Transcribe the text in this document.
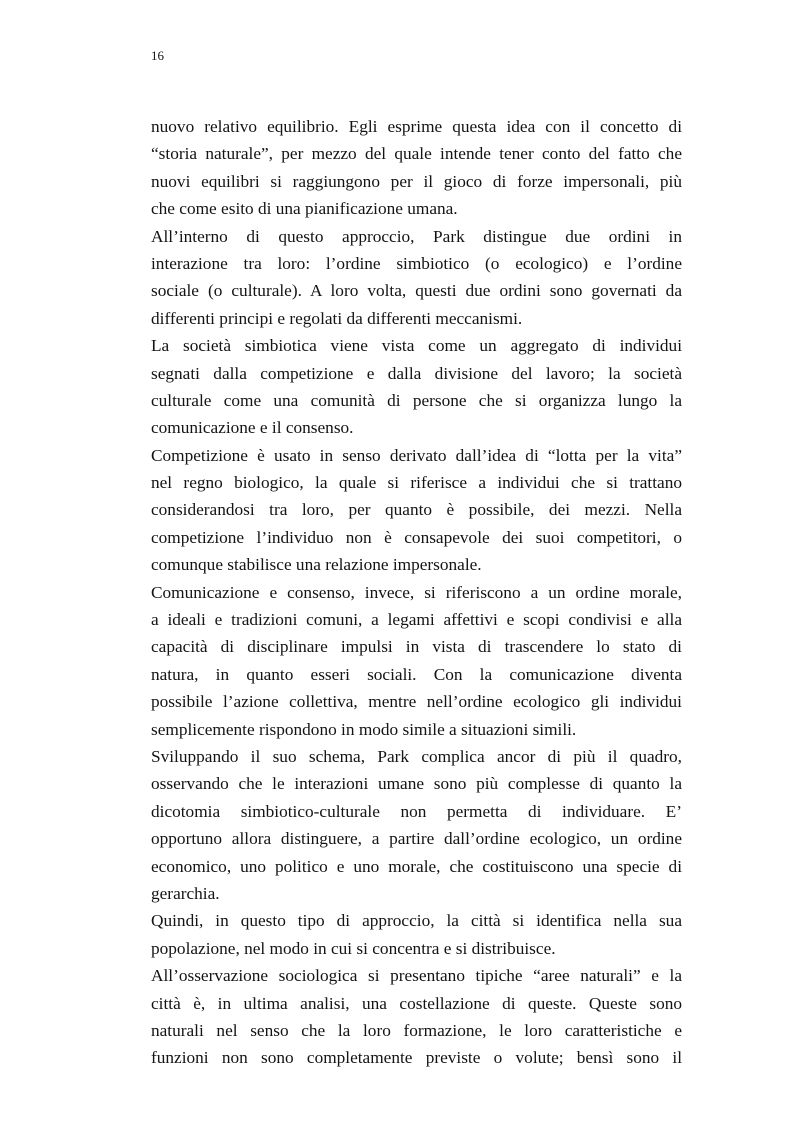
16
nuovo relativo equilibrio. Egli esprime questa idea con il concetto di
“storia naturale”, per mezzo del quale intende tener conto del fatto che
nuovi equilibri si raggiungono per il gioco di forze impersonali, più
che come esito di una pianificazione umana.
All’interno di questo approccio, Park distingue due ordini in
interazione tra loro: l’ordine simbiotico (o ecologico) e l’ordine
sociale (o culturale). A loro volta, questi due ordini sono governati da
differenti principi e regolati da differenti meccanismi.
La società simbiotica viene vista come un aggregato di individui
segnati dalla competizione e dalla divisione del lavoro; la società
culturale come una comunità di persone che si organizza lungo la
comunicazione e il consenso.
Competizione è usato in senso derivato dall’idea di “lotta per la vita”
nel regno biologico, la quale si riferisce a individui che si trattano
considerandosi tra loro, per quanto è possibile, dei mezzi. Nella
competizione l’individuo non è consapevole dei suoi competitori, o
comunque stabilisce una relazione impersonale.
Comunicazione e consenso, invece, si riferiscono a un ordine morale,
a ideali e tradizioni comuni, a legami affettivi e scopi condivisi e alla
capacità di disciplinare impulsi in vista di trascendere lo stato di
natura, in quanto esseri sociali. Con la comunicazione diventa
possibile l’azione collettiva, mentre nell’ordine ecologico gli individui
semplicemente rispondono in modo simile a situazioni simili.
Sviluppando il suo schema, Park complica ancor di più il quadro,
osservando che le interazioni umane sono più complesse di quanto la
dicotomia simbiotico-culturale non permetta di individuare. E’
opportuno allora distinguere, a partire dall’ordine ecologico, un ordine
economico, uno politico e uno morale, che costituiscono una specie di
gerarchia.
Quindi, in questo tipo di approccio, la città si identifica nella sua
popolazione, nel modo in cui si concentra e si distribuisce.
All’osservazione sociologica si presentano tipiche “aree naturali” e la
città è, in ultima analisi, una costellazione di queste. Queste sono
naturali nel senso che la loro formazione, le loro caratteristiche e
funzioni non sono completamente previste o volute; bensì sono il
